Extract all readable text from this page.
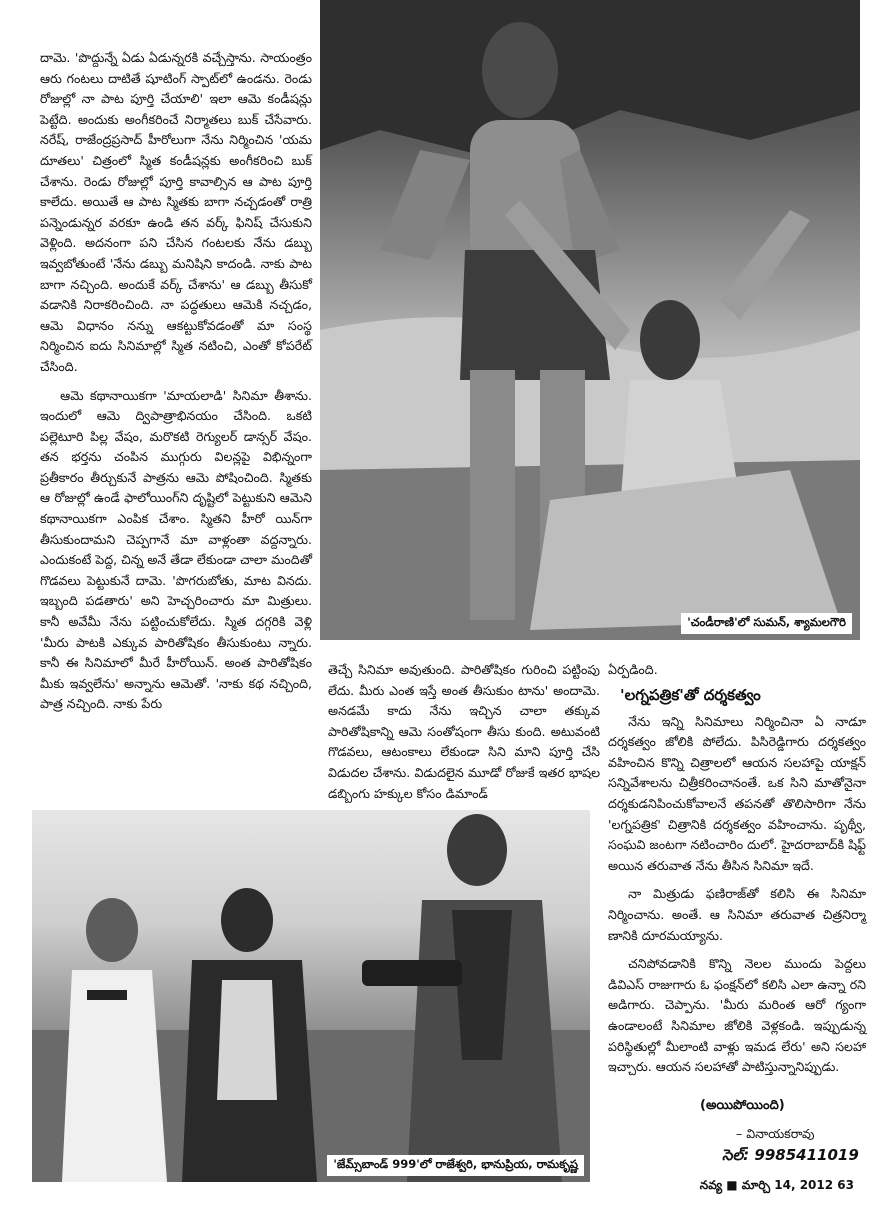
'చండీరాణి'లో సుమన్, శ్యామలగౌరి
'జేమ్స్‌బాండ్ 999'లో రాజేశ్వరి, భానుప్రియ, రామకృష్ణ

దామె. 'పొద్దున్నే ఏడు ఏడున్నరకి వచ్చేస్తాను. సాయంత్రం ఆరు గంటలు దాటితే షూటింగ్ స్పాట్‌లో ఉండను. రెండు రోజుల్లో నా పాట పూర్తి చేయాలి' ఇలా ఆమె కండీషన్లు పెట్టేది. అందుకు అంగీకరించే నిర్మాతలు బుక్ చేసేవారు. నరేష్, రాజేంద్రప్రసాద్ హీరోలుగా నేను నిర్మించిన 'యమ దూతలు' చిత్రంలో స్మిత కండీషన్లకు అంగీకరించి బుక్ చేశాను. రెండు రోజుల్లో పూర్తి కావాల్సిన ఆ పాట పూర్తి కాలేదు. అయితే ఆ పాట స్మితకు బాగా నచ్చడంతో రాత్రి పన్నెండున్నర వరకూ ఉండి తన వర్క్ ఫినిష్ చేసుకుని వెళ్లింది. అదనంగా పని చేసిన గంటలకు నేను డబ్బు ఇవ్వబోతుంటే 'నేను డబ్బు మనిషిని కాదండి. నాకు పాట బాగా నచ్చింది. అందుకే వర్క్ చేశాను' ఆ డబ్బు తీసుకో వడానికి నిరాకరించింది. నా పద్ధతులు ఆమెకి నచ్చడం, ఆమె విధానం నన్ను ఆకట్టుకోవడంతో మా సంస్థ నిర్మించిన ఐదు సినిమాల్లో స్మిత నటించి, ఎంతో కోపరేట్ చేసింది.

ఆమె కథానాయికగా 'మాయలాడి' సినిమా తీశాను. ఇందులో ఆమె ద్విపాత్రాభినయం చేసింది. ఒకటి పల్లెటూరి పిల్ల వేషం, మరొకటి రెగ్యులర్ డాన్సర్ వేషం. తన భర్తను చంపిన ముగ్గురు విలన్లపై విభిన్నంగా ప్రతీకారం తీర్చుకునే పాత్రను ఆమె పోషించింది. స్మితకు ఆ రోజుల్లో ఉండే ఫాలోయింగ్‌ని దృష్టిలో పెట్టుకుని ఆమెని కథానాయికగా ఎంపిక చేశాం. స్మితని హీరో యిన్‌గా తీసుకుందామని చెప్పగానే మా వాళ్లంతా వద్దన్నారు. ఎందుకంటే పెద్ద, చిన్న అనే తేడా లేకుండా చాలా మందితో గొడవలు పెట్టుకునే దామె. 'పొగరుబోతు, మాట వినదు. ఇబ్బంది పడతారు' అని హెచ్చరించారు మా మిత్రులు. కానీ అవేమీ నేను పట్టించుకోలేదు. స్మిత దగ్గరికి వెళ్లి 'మీరు పాటకి ఎక్కువ పారితోషికం తీసుకుంటు న్నారు. కానీ ఈ సినిమాలో మీరే హీరోయిన్. అంత పారితోషికం మీకు ఇవ్వలేను' అన్నాను ఆమెతో. 'నాకు కథ నచ్చింది, పాత్ర నచ్చింది. నాకు పేరు

తెచ్చే సినిమా అవుతుంది. పారితోషికం గురించి పట్టింపు లేదు. మీరు ఎంత ఇస్తే అంత తీసుకుం టాను' అందామె. అనడమే కాదు నేను ఇచ్చిన చాలా తక్కువ పారితోషికాన్ని ఆమె సంతోషంగా తీసు కుంది. అటువంటి గొడవలు, ఆటంకాలు లేకుండా సిని మాని పూర్తి చేసి విడుదల చేశాను. విడుదలైన మూడో రోజుకే ఇతర భాషల డబ్బింగు హక్కుల కోసం డిమాండ్

ఏర్పడింది.

'లగ్నపత్రిక'తో దర్శకత్వం

నేను ఇన్ని సినిమాలు నిర్మించినా ఏ నాడూ దర్శకత్వం జోలికి పోలేదు. పిసిరెడ్డిగారు దర్శకత్వం వహించిన కొన్ని చిత్రాలలో ఆయన సలహాపై యాక్షన్ సన్నివేశాలను చిత్రీకరించానంతే. ఒక సిని మాతోనైనా దర్శకుడనిపించుకోవాలనే తపనతో తొలిసారిగా నేను 'లగ్నపత్రిక' చిత్రానికి దర్శకత్వం వహించాను. పృథ్వీ, సంఘవి జంటగా నటించారిం దులో. హైదరాబాద్‌కి షిఫ్ట్ అయిన తరువాత నేను తీసిన సినిమా ఇదే.

నా మిత్రుడు ఫణిరాజ్‌తో కలిసి ఈ సినిమా నిర్మించాను. అంతే. ఆ సినిమా తరువాత చిత్రనిర్మా ణానికి దూరమయ్యాను.

చనిపోవడానికి కొన్ని నెలల ముందు పెద్దలు డివిఎస్ రాజుగారు ఓ ఫంక్షన్‌లో కలిసి ఎలా ఉన్నా రని అడిగారు. చెప్పాను. 'మీరు మరింత ఆరో గ్యంగా ఉండాలంటే సినిమాల జోలికి వెళ్లకండి. ఇప్పుడున్న పరిస్థితుల్లో మీలాంటి వాళ్లు ఇమడ లేరు' అని సలహా ఇచ్చారు. ఆయన సలహాతో పాటిస్తున్నానిప్పుడు.

(అయిపోయింది)
– వినాయకరావు
సెల్: 9985411019
నవ్య ■ మార్చి 14, 2012 63
